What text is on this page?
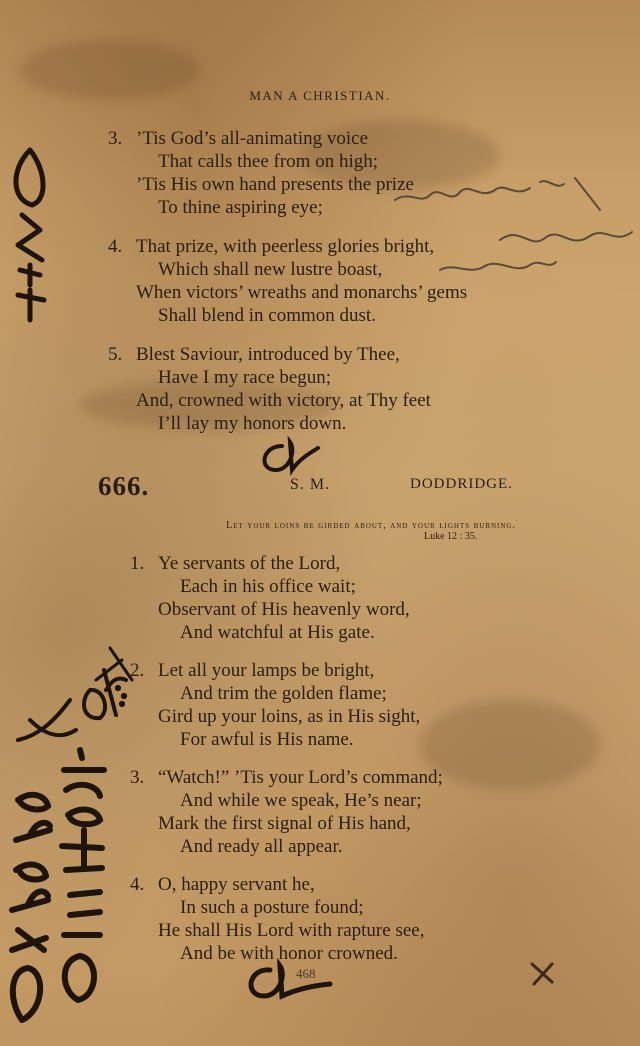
MAN A CHRISTIAN.
3. ’Tis God’s all-animating voice
That calls thee from on high;
’Tis His own hand presents the prize
To thine aspiring eye;
4. That prize, with peerless glories bright,
Which shall new lustre boast,
When victors’ wreaths and monarchs’ gems
Shall blend in common dust.
5. Blest Saviour, introduced by Thee,
Have I my race begun;
And, crowned with victory, at Thy feet
I’ll lay my honors down.
666.	S. M.	DODDRIDGE.
Let your loins be girded about, and your lights burning.
Luke 12 : 35.
1. Ye servants of the Lord,
Each in his office wait;
Observant of His heavenly word,
And watchful at His gate.
2. Let all your lamps be bright,
And trim the golden flame;
Gird up your loins, as in His sight,
For awful is His name.
3. “Watch!” ’Tis your Lord’s command;
And while we speak, He’s near;
Mark the first signal of His hand,
And ready all appear.
4. O, happy servant he,
In such a posture found;
He shall His Lord with rapture see,
And be with honor crowned.
468
